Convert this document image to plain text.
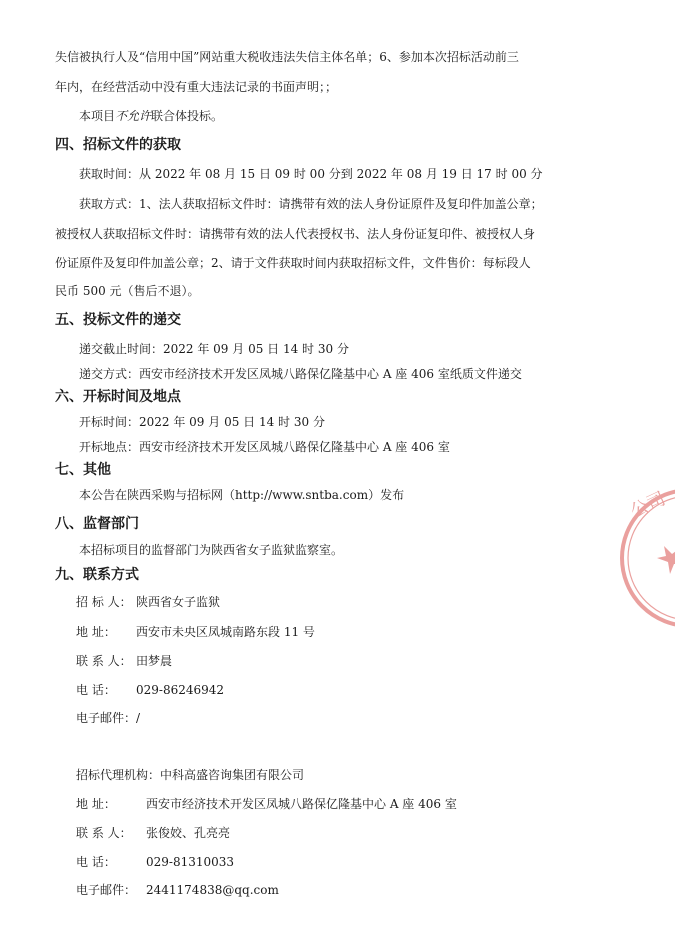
失信被执行人及“信用中国”网站重大税收违法失信主体名单；6、参加本次招标活动前三
年内，在经营活动中没有重大违法记录的书面声明；；
本项目不允许联合体投标。
四、招标文件的获取
获取时间：从 2022 年 08 月 15 日 09 时 00 分到 2022 年 08 月 19 日 17 时 00 分
获取方式：1、法人获取招标文件时：请携带有效的法人身份证原件及复印件加盖公章；
被授权人获取招标文件时：请携带有效的法人代表授权书、法人身份证复印件、被授权人身
份证原件及复印件加盖公章；2、请于文件获取时间内获取招标文件，文件售价：每标段人
民币 500 元（售后不退）。
五、投标文件的递交
递交截止时间：2022 年 09 月 05 日 14 时 30 分
递交方式：西安市经济技术开发区凤城八路保亿隆基中心 A 座 406 室纸质文件递交
六、开标时间及地点
开标时间：2022 年 09 月 05 日 14 时 30 分
开标地点：西安市经济技术开发区凤城八路保亿隆基中心 A 座 406 室
七、其他
本公告在陕西采购与招标网（http://www.sntba.com）发布
八、监督部门
本招标项目的监督部门为陕西省女子监狱监察室。
九、联系方式
招 标 人： 陕西省女子监狱
地 址： 西安市未央区凤城南路东段 11 号
联 系 人： 田梦晨
电 话： 029-86246942
电子邮件： /
招标代理机构： 中科高盛咨询集团有限公司
地 址：	西安市经济技术开发区凤城八路保亿隆基中心 A 座 406 室
联 系 人： 张俊姣、孔亮亮
电 话：	029-81310033
电子邮件： 2441174838@qq.com
公司
